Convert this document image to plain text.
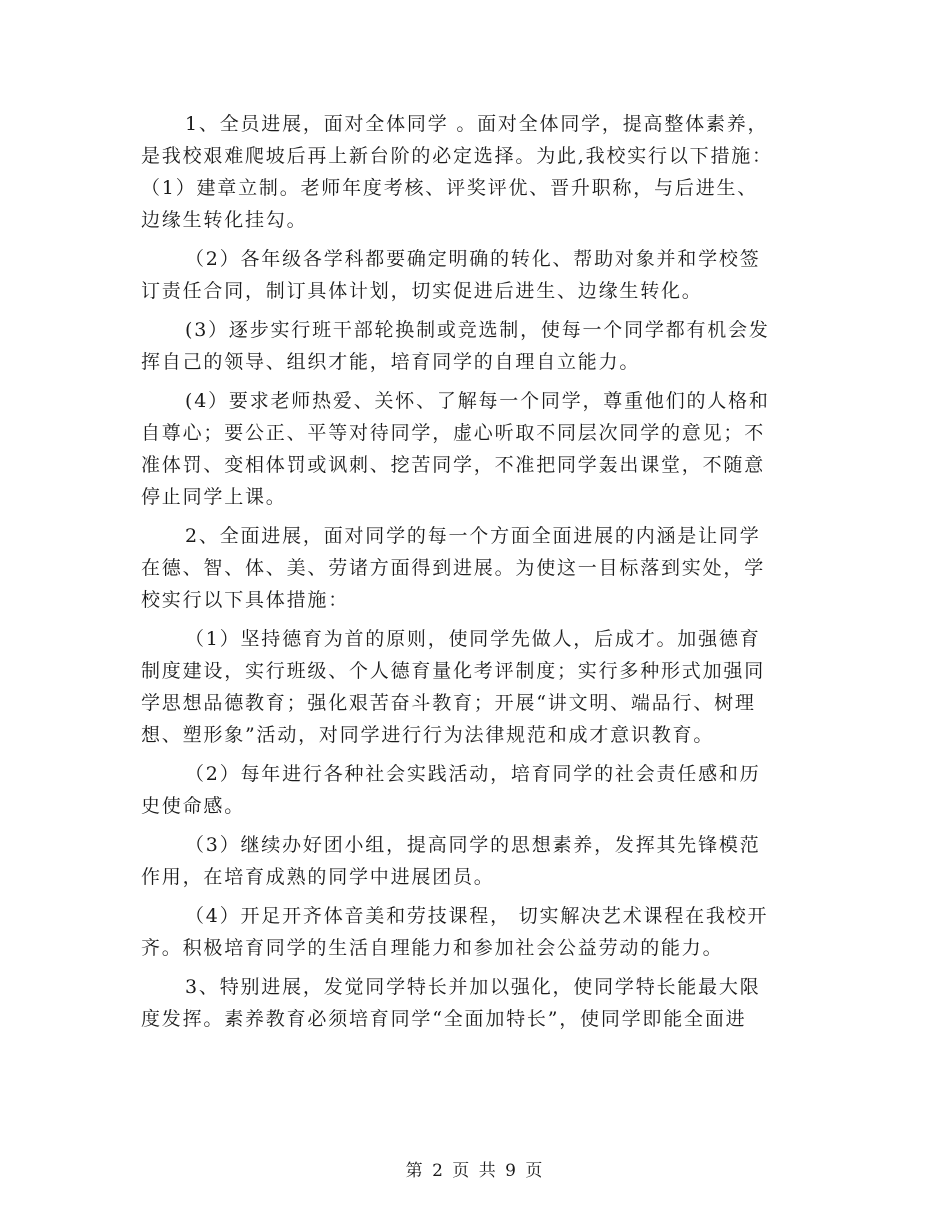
1、全员进展，面对全体同学 。面对全体同学，提高整体素养，
是我校艰难爬坡后再上新台阶的必定选择。为此,我校实行以下措施：
（1）建章立制。老师年度考核、评奖评优、晋升职称，与后进生、
边缘生转化挂勾。

（2）各年级各学科都要确定明确的转化、帮助对象并和学校签
订责任合同，制订具体计划，切实促进后进生、边缘生转化。

(3）逐步实行班干部轮换制或竞选制，使每一个同学都有机会发
挥自己的领导、组织才能，培育同学的自理自立能力。

(4）要求老师热爱、关怀、了解每一个同学，尊重他们的人格和
自尊心；要公正、平等对待同学，虚心听取不同层次同学的意见；不
准体罚、变相体罚或讽刺、挖苦同学，不准把同学轰出课堂，不随意
停止同学上课。

2、全面进展，面对同学的每一个方面全面进展的内涵是让同学
在德、智、体、美、劳诸方面得到进展。为使这一目标落到实处，学
校实行以下具体措施：

（1）坚持德育为首的原则，使同学先做人，后成才。加强德育
制度建设，实行班级、个人德育量化考评制度；实行多种形式加强同
学思想品德教育；强化艰苦奋斗教育；开展“讲文明、端品行、树理
想、塑形象”活动，对同学进行行为法律规范和成才意识教育。

（2）每年进行各种社会实践活动，培育同学的社会责任感和历
史使命感。

（3）继续办好团小组，提高同学的思想素养，发挥其先锋模范
作用，在培育成熟的同学中进展团员。

（4）开足开齐体音美和劳技课程， 切实解决艺术课程在我校开
齐。积极培育同学的生活自理能力和参加社会公益劳动的能力。

3、特别进展，发觉同学特长并加以强化，使同学特长能最大限
度发挥。素养教育必须培育同学“全面加特长”，使同学即能全面进

第 2 页 共 9 页
